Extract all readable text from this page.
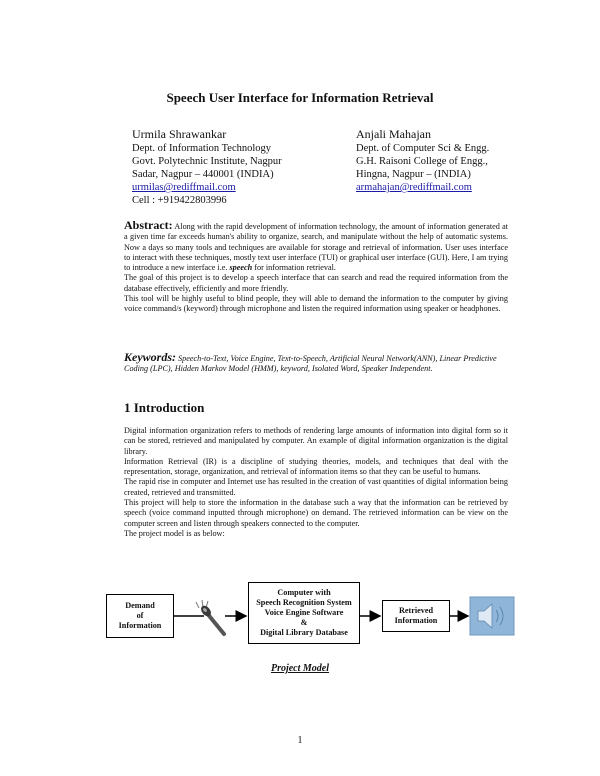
Speech User Interface for Information Retrieval
Urmila Shrawankar
Dept. of Information Technology
Govt. Polytechnic Institute, Nagpur
Sadar, Nagpur – 440001 (INDIA)
urmilas@rediffmail.com
Cell : +919422803996
Anjali Mahajan
Dept. of Computer Sci & Engg.
G.H. Raisoni College of Engg.,
Hingna, Nagpur – (INDIA)
armahajan@rediffmail.com

Abstract: Along with the rapid development of information technology, the amount of information generated at a given time far exceeds human's ability to organize, search, and manipulate without the help of automatic systems. Now a days so many tools and techniques are available for storage and retrieval of information. User uses interface to interact with these techniques, mostly text user interface (TUI) or graphical user interface (GUI). Here, I am trying to introduce a new interface i.e. speech for information retrieval.

The goal of this project is to develop a speech interface that can search and read the required information from the database effectively, efficiently and more friendly.

This tool will be highly useful to blind people, they will able to demand the information to the computer by giving voice command/s (keyword) through microphone and listen the required information using speaker or headphones.

Keywords: Speech-to-Text, Voice Engine, Text-to-Speech, Artificial Neural Network(ANN), Linear Predictive Coding (LPC), Hidden Markov Model (HMM), keyword, Isolated Word, Speaker Independent.

1 Introduction

Digital information organization refers to methods of rendering large amounts of information into digital form so it can be stored, retrieved and manipulated by computer. An example of digital information organization is the digital library.

Information Retrieval (IR) is a discipline of studying theories, models, and techniques that deal with the representation, storage, organization, and retrieval of information items so that they can be useful to humans.

The rapid rise in computer and Internet use has resulted in the creation of vast quantities of digital information being created, retrieved and transmitted.

This project will help to store the information in the database such a way that the information can be retrieved by speech (voice command inputted through microphone) on demand. The retrieved information can be view on the computer screen and listen through speakers connected to the computer.

The project model is as below:

Demand
of
Information
Computer with
Speech Recognition System
Voice Engine Software
&
Digital Library Database
Retrieved
Information
Project Model
1
